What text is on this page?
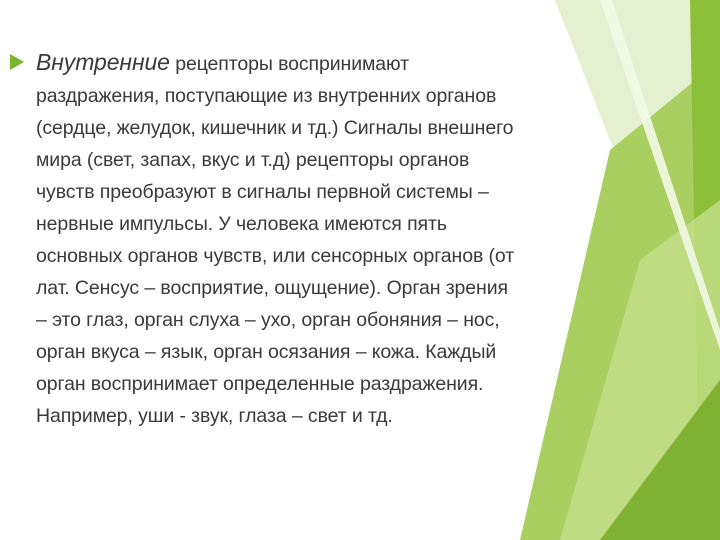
Внутренние рецепторы воспринимают
раздражения, поступающие из внутренних органов
(сердце, желудок, кишечник и тд.) Сигналы внешнего
мира (свет, запах, вкус и т.д) рецепторы органов
чувств преобразуют в сигналы первной системы –
нервные импульсы. У человека имеются пять
основных органов чувств, или сенсорных органов (от
лат. Сенсус – восприятие, ощущение). Орган зрения
– это глаз, орган слуха – ухо, орган обоняния – нос,
орган вкуса – язык, орган осязания – кожа. Каждый
орган воспринимает определенные раздражения.
Например, уши - звук, глаза – свет и тд.
